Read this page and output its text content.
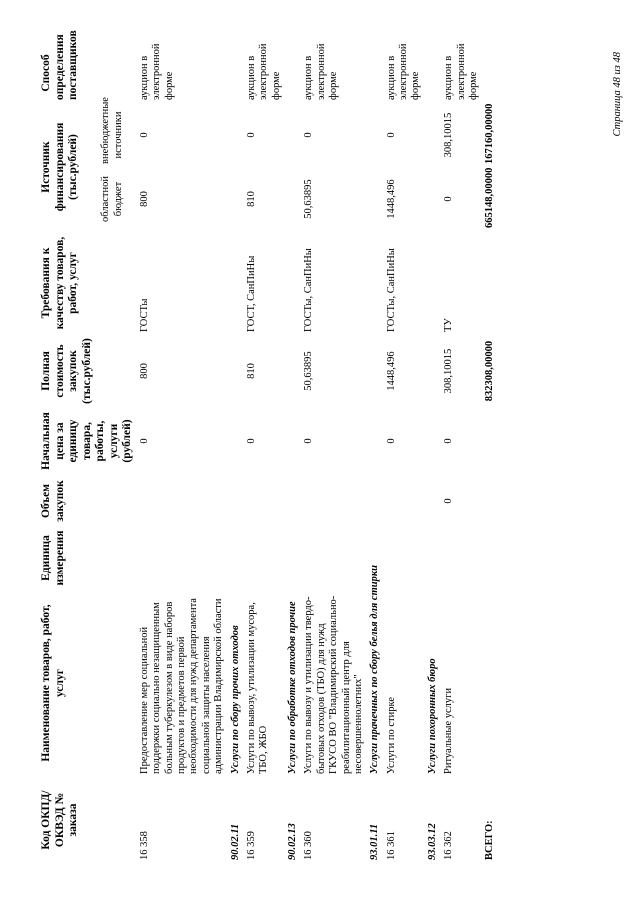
Код ОКПД/ ОКВЭД № заказа	Наименование товаров, работ, услуг	Единица измерения	Объем закупок	Начальная цена за единицу товара, работы, услуги (рублей)	Полная стоимость закупок (тыс.рублей)	Требования к качеству товаров, работ, услуг	Источник финансирования (тыс.рублей)		Способ определения поставщиков
							областной бюджет	внебюджетные источники	
16 358	Предоставление мер социальной поддержки социально незащищенным больным туберкулезом в виде наборов продуктов и предметов первой необходимости для нужд департамента социальной защиты населения администрации Владимирской области			0	800	ГОСТы	800	0	аукцион в электронной форме
90.02.11	Услуги по сбору прочих отходов								
16 359	Услуги по вывозу, утилизации мусора, ТБО, ЖБО			0	810	ГОСТ, СанПиНы	810	0	аукцион в электронной форме
90.02.13	Услуги по обработке отходов прочие								
16 360	Услуги по вывозу и утилизации твердо-бытовых отходов (ТБО) для нужд ГКУСО ВО "Владимирский социально-реабилитационный центр для несовершеннолетних"			0	50,63895	ГОСТы, СанПиНы	50,63895	0	аукцион в электронной форме
93.01.11	Услуги прачечных по сбору белья для стирки								
16 361	Услуги по стирке			0	1448,496	ГОСТы, СанПиНы	1448,496	0	аукцион в электронной форме
93.03.12	Услуги похоронных бюро								
16 362	Ритуальные услуги		0	0	308,10015	ТУ	0	308,10015	аукцион в электронной форме
ВСЕГО:					832308,00000		665148,00000	167160,00000		Страница 48 из 48
